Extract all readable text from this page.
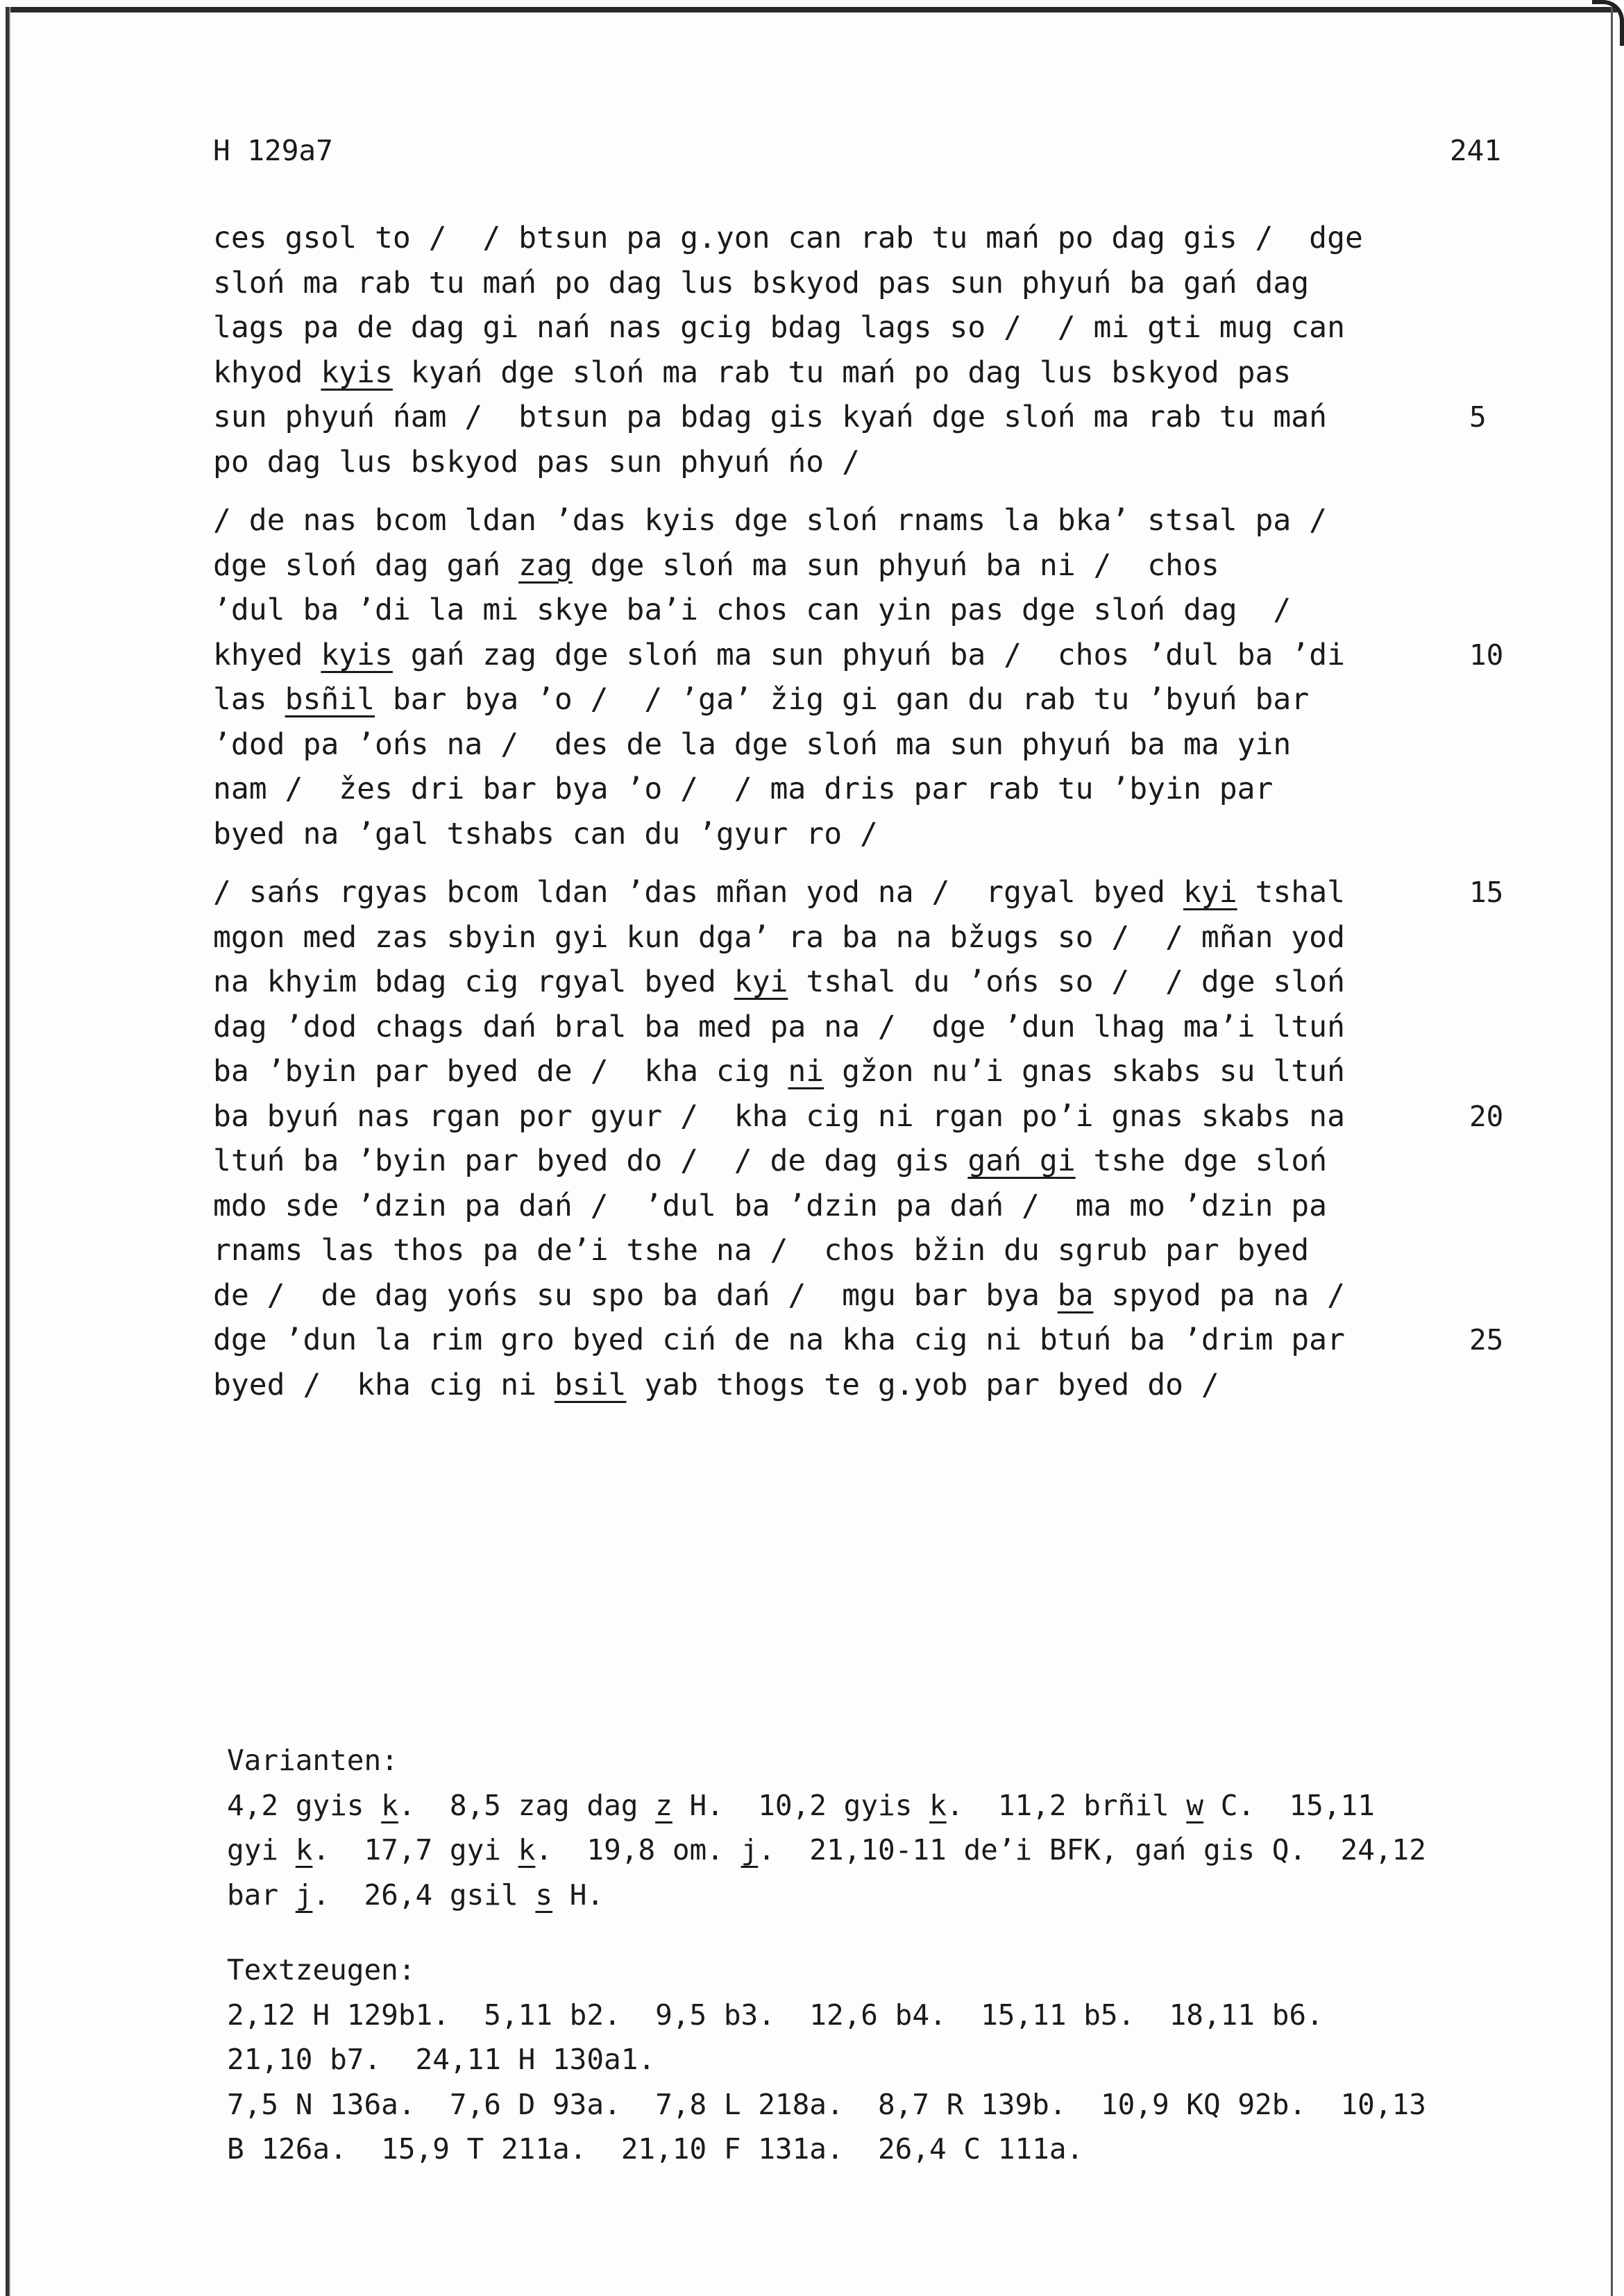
H 129a7	241
ces gsol to /  / btsun pa g.yon can rab tu mań po dag gis /  dge
sloń ma rab tu mań po dag lus bskyod pas sun phyuń ba gań dag
lags pa de dag gi nań nas gcig bdag lags so /  / mi gti mug can
khyod kyis kyań dge sloń ma rab tu mań po dag lus bskyod pas
sun phyuń ńam /  btsun pa bdag gis kyań dge sloń ma rab tu mań	5
po dag lus bskyod pas sun phyuń ńo /
/ de nas bcom ldan ’das kyis dge sloń rnams la bka’ stsal pa /
dge sloń dag gań zag dge sloń ma sun phyuń ba ni /  chos
’dul ba ’di la mi skye ba’i chos can yin pas dge sloń dag  /
khyed kyis gań zag dge sloń ma sun phyuń ba /  chos ’dul ba ’di	10
las bsñil bar bya ’o /  / ’ga’ žig gi gan du rab tu ’byuń bar
’dod pa ’ońs na /  des de la dge sloń ma sun phyuń ba ma yin
nam /  žes dri bar bya ’o /  / ma dris par rab tu ’byin par
byed na ’gal tshabs can du ’gyur ro /
/ sańs rgyas bcom ldan ’das mñan yod na /  rgyal byed kyi tshal	15
mgon med zas sbyin gyi kun dga’ ra ba na bžugs so /  / mñan yod
na khyim bdag cig rgyal byed kyi tshal du ’ońs so /  / dge sloń
dag ’dod chags dań bral ba med pa na /  dge ’dun lhag ma’i ltuń
ba ’byin par byed de /  kha cig ni gžon nu’i gnas skabs su ltuń
ba byuń nas rgan por gyur /  kha cig ni rgan po’i gnas skabs na	20
ltuń ba ’byin par byed do /  / de dag gis gań gi tshe dge sloń
mdo sde ’dzin pa dań /  ’dul ba ’dzin pa dań /  ma mo ’dzin pa
rnams las thos pa de’i tshe na /  chos bžin du sgrub par byed
de /  de dag yońs su spo ba dań /  mgu bar bya ba spyod pa na /
dge ’dun la rim gro byed ciń de na kha cig ni btuń ba ’drim par	25
byed /  kha cig ni bsil yab thogs te g.yob par byed do /
Varianten:
4,2 gyis k.  8,5 zag dag z H.  10,2 gyis k.  11,2 brñil w C.  15,11
gyi k.  17,7 gyi k.  19,8 om. j.  21,10-11 de’i BFK, gań gis Q.  24,12
bar j.  26,4 gsil s H.
Textzeugen:
2,12 H 129b1.  5,11 b2.  9,5 b3.  12,6 b4.  15,11 b5.  18,11 b6.
21,10 b7.  24,11 H 130a1.
7,5 N 136a.  7,6 D 93a.  7,8 L 218a.  8,7 R 139b.  10,9 KQ 92b.  10,13
B 126a.  15,9 T 211a.  21,10 F 131a.  26,4 C 111a.
